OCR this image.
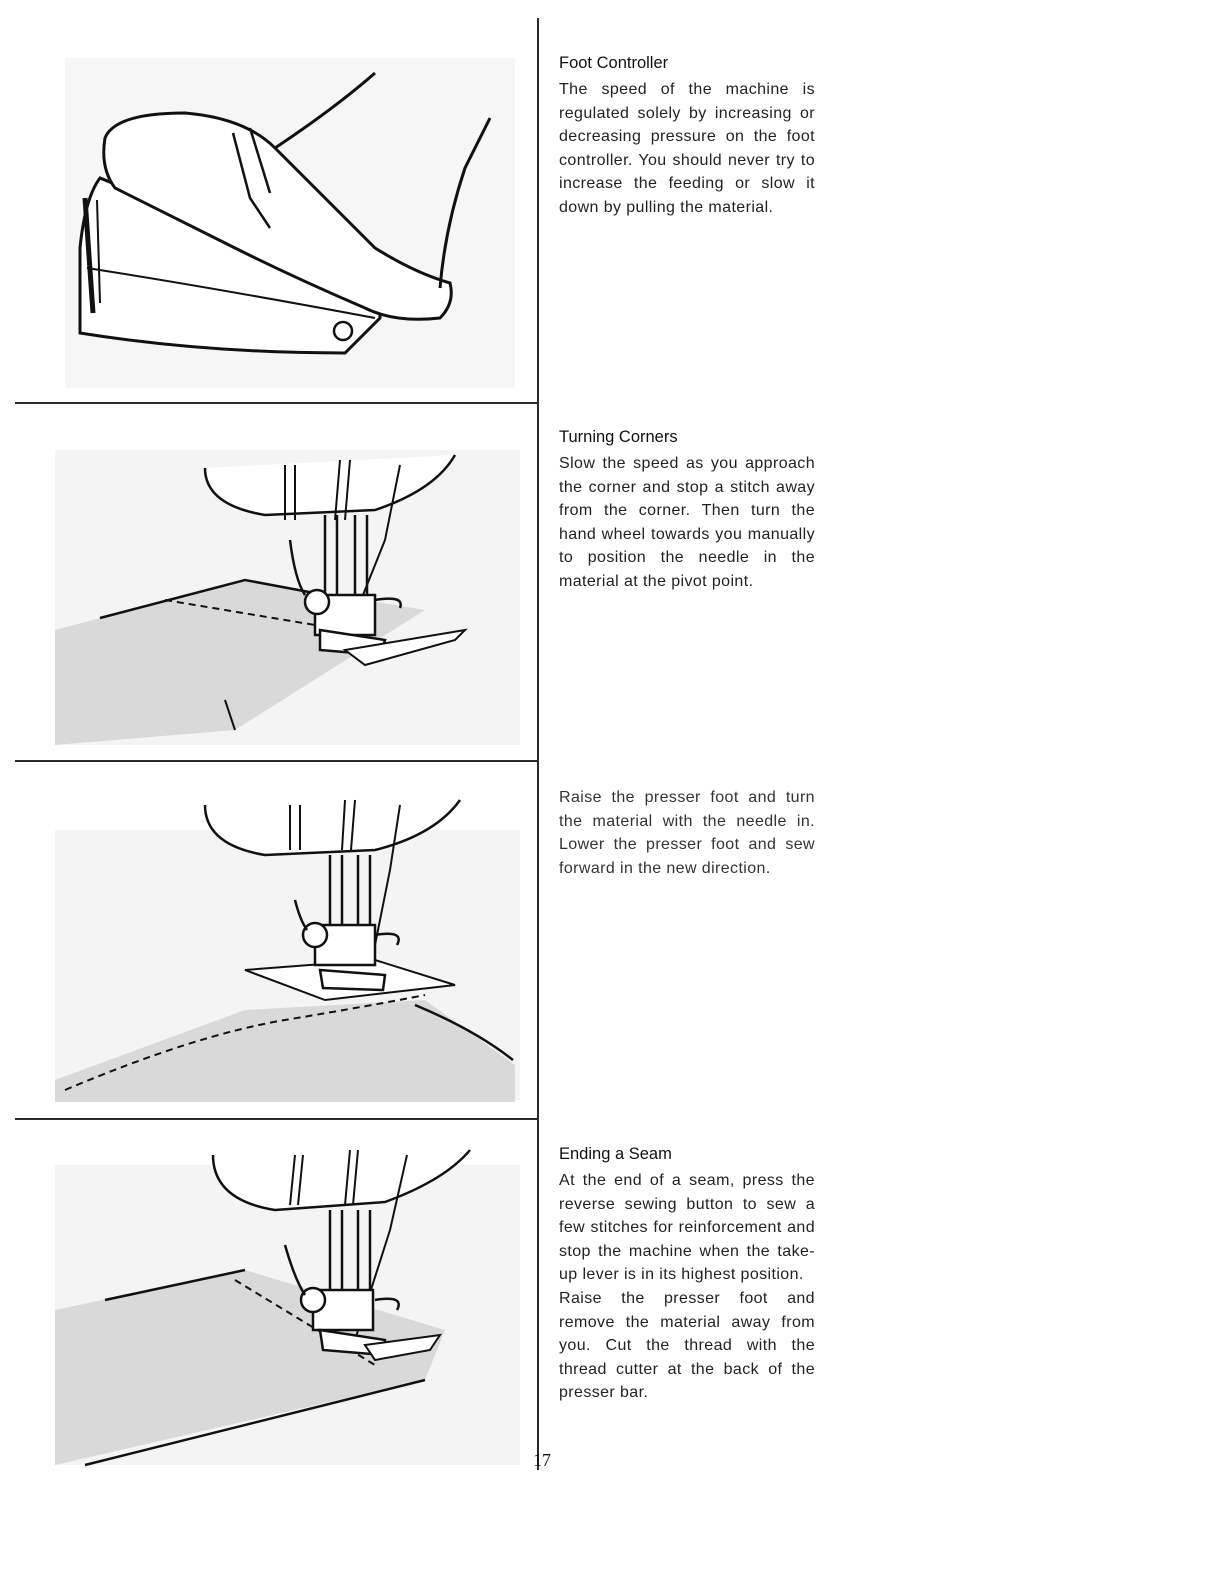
Foot Controller

The speed of the machine is regulated solely by increasing or decreasing pressure on the foot controller. You should never try to increase the feeding or slow it down by pulling the material.

Turning Corners

Slow the speed as you approach the corner and stop a stitch away from the corner. Then turn the hand wheel towards you manually to position the needle in the material at the pivot point.

Raise the presser foot and turn the material with the needle in. Lower the presser foot and sew forward in the new direction.

Ending a Seam

At the end of a seam, press the reverse sewing button to sew a few stitches for reinforcement and stop the machine when the take-up lever is in its highest position.

Raise the presser foot and remove the material away from you. Cut the thread with the thread cutter at the back of the presser bar.

17
